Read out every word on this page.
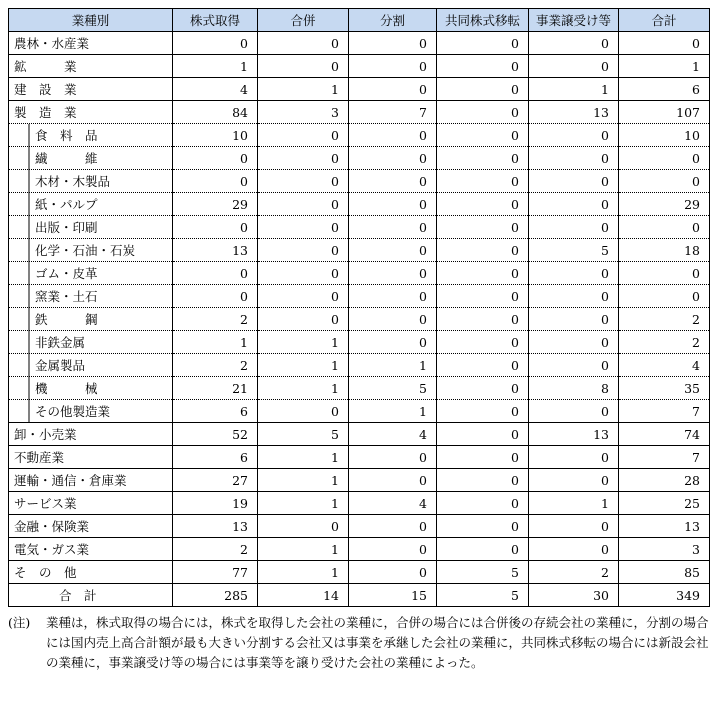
業種別	株式取得	合併	分割	共同株式移転	事業譲受け等	合計
農林・水産業	0	0	0	0	0	0
鉱　　　業	1	0	0	0	0	1
建　設　業	4	1	0	0	1	6
製　造　業	84	3	7	0	13	107
食　料　品	10	0	0	0	0	10
繊　　　維	0	0	0	0	0	0
木材・木製品	0	0	0	0	0	0
紙・パルプ	29	0	0	0	0	29
出版・印刷	0	0	0	0	0	0
化学・石油・石炭	13	0	0	0	5	18
ゴム・皮革	0	0	0	0	0	0
窯業・土石	0	0	0	0	0	0
鉄　　　鋼	2	0	0	0	0	2
非鉄金属	1	1	0	0	0	2
金属製品	2	1	1	0	0	4
機　　　械	21	1	5	0	8	35
その他製造業	6	0	1	0	0	7
卸・小売業	52	5	4	0	13	74
不動産業	6	1	0	0	0	7
運輸・通信・倉庫業	27	1	0	0	0	28
サービス業	19	1	4	0	1	25
金融・保険業	13	0	0	0	0	13
電気・ガス業	2	1	0	0	0	3
そ　の　他	77	1	0	5	2	85
合　計	285	14	15	5	30	349
(注)	業種は，株式取得の場合には，株式を取得した会社の業種に，合併の場合には合併後の存続会社の業種に，分割の場合には国内売上高合計額が最も大きい分割する会社又は事業を承継した会社の業種に，共同株式移転の場合には新設会社の業種に，事業譲受け等の場合には事業等を譲り受けた会社の業種によった。
